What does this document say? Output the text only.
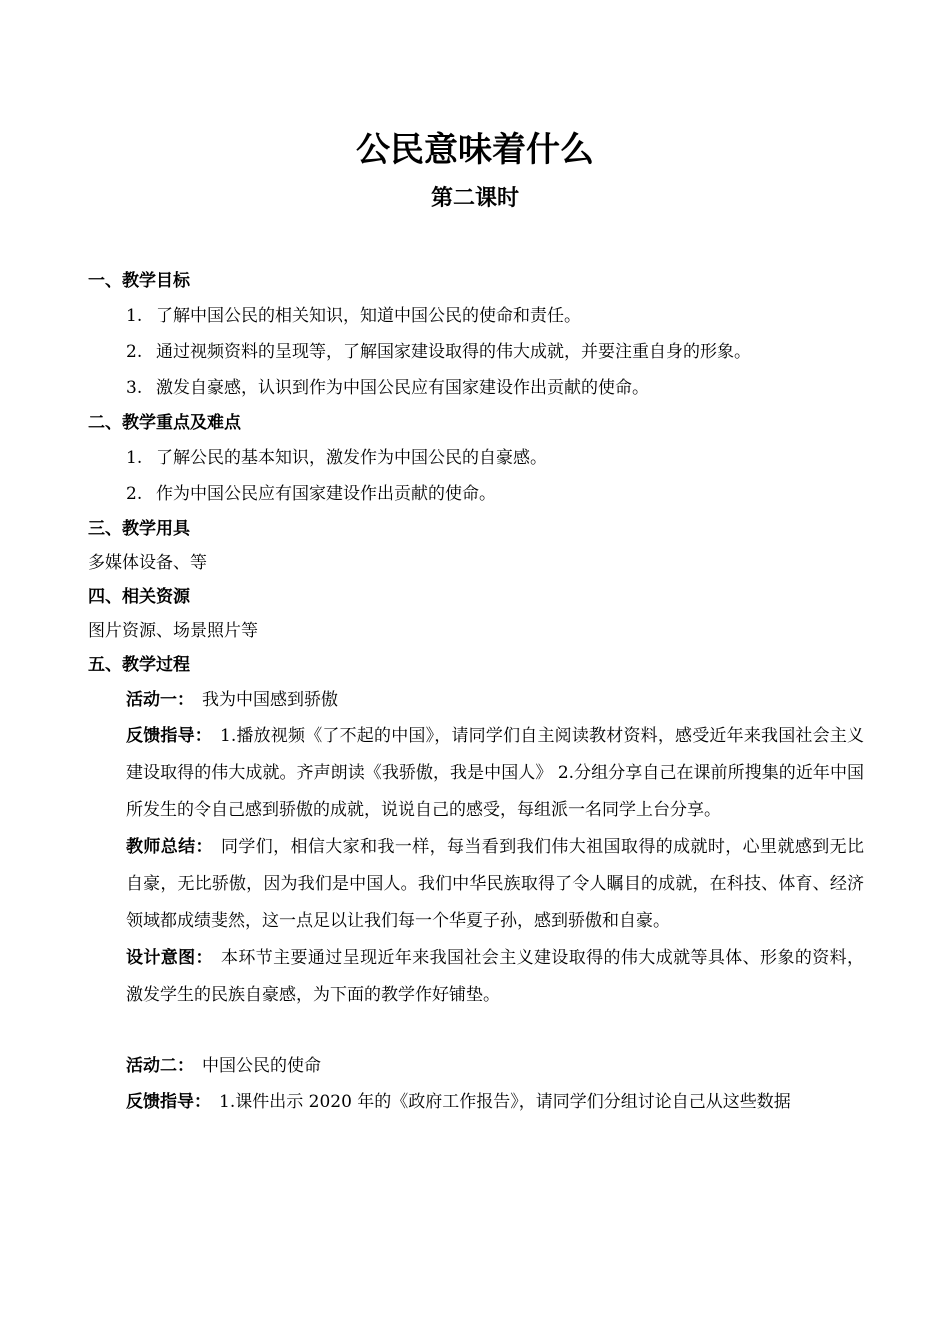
公民意味着什么
第二课时
一、教学目标
1. 了解中国公民的相关知识，知道中国公民的使命和责任。
2. 通过视频资料的呈现等，了解国家建设取得的伟大成就，并要注重自身的形象。
3. 激发自豪感，认识到作为中国公民应有国家建设作出贡献的使命。
二、教学重点及难点
1. 了解公民的基本知识，激发作为中国公民的自豪感。
2. 作为中国公民应有国家建设作出贡献的使命。
三、教学用具
多媒体设备、等
四、相关资源
图片资源、场景照片等
五、教学过程
活动一： 我为中国感到骄傲
反馈指导： 1.播放视频《了不起的中国》，请同学们自主阅读教材资料，感受近年来我国社会主义建设取得的伟大成就。齐声朗读《我骄傲，我是中国人》 2.分组分享自己在课前所搜集的近年中国所发生的令自己感到骄傲的成就，说说自己的感受，每组派一名同学上台分享。
教师总结： 同学们，相信大家和我一样，每当看到我们伟大祖国取得的成就时，心里就感到无比自豪，无比骄傲，因为我们是中国人。我们中华民族取得了令人瞩目的成就，在科技、体育、经济领域都成绩斐然，这一点足以让我们每一个华夏子孙，感到骄傲和自豪。
设计意图： 本环节主要通过呈现近年来我国社会主义建设取得的伟大成就等具体、形象的资料，激发学生的民族自豪感，为下面的教学作好铺垫。
活动二： 中国公民的使命
反馈指导： 1.课件出示 2020 年的《政府工作报告》，请同学们分组讨论自己从这些数据
